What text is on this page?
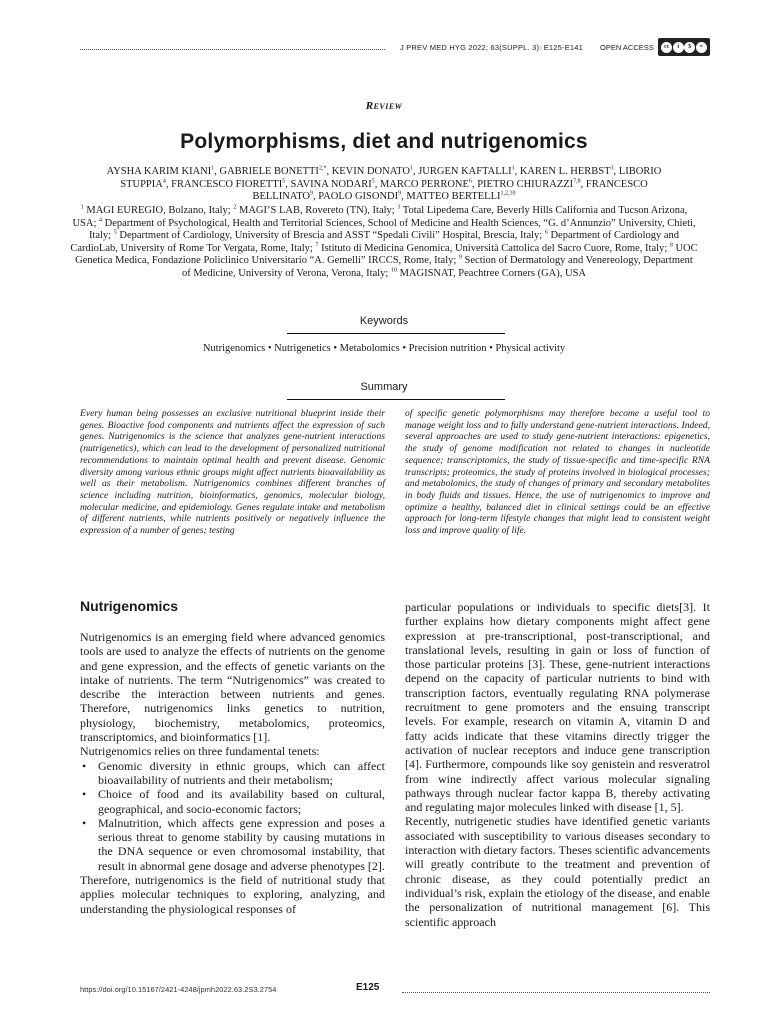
J PREV MED HYG 2022; 63(SUPPL. 3): E125-E141 OPEN ACCESS	cc	i	$	=
Review
Polymorphisms, diet and nutrigenomics
AYSHA KARIM KIANI$^1$, GABRIELE $BONETTI^{2,*}$, KEVIN DONATO$^1$, JURGEN KAFTALLI$^1$, KAREN L. HERBST$^3$, LIBORIO STUPPIA$^4$, FRANCESCO FIORETTI$^5$, SAVINA NODARI$^5$, MARCO PERRONE$^6$, PIETRO CHIURAZZI$^{7,8}$, FRANCESCO BELLINATO$^9$, PAOLO GISONDI$^9$, MATTEO BERTELLI$^{1,2,10}$
$^1$ MAGI EUREGIO, Bolzano, Italy; $^2$ MAGI’S LAB, Rovereto (TN), Italy; $^3$ Total Lipedema Care, Beverly Hills California and Tucson Arizona, USA; $^4$ Department of Psychological, Health and Territorial Sciences, School of Medicine and Health Sciences, “G. d’Annunzio” University, Chieti, Italy; $^5$ Department of Cardiology, University of Brescia and ASST “Spedali Civili” Hospital, Brescia, Italy; $^6$ Department of Cardiology and CardioLab, University of Rome Tor Vergata, Rome, Italy; $^7$ Istituto di Medicina Genomica, Università Cattolica del Sacro Cuore, Rome, Italy; $^8$ UOC Genetica Medica, Fondazione Policlinico Universitario “A. Gemelli” IRCCS, Rome, Italy; $^9$ Section of Dermatology and Venereology, Department of Medicine, University of Verona, Verona, Italy; $^{10}$ MAGISNAT, Peachtree Corners (GA), USA
Keywords
Nutrigenomics • Nutrigenetics • Metabolomics • Precision nutrition • Physical activity
Summary
Every human being possesses an exclusive nutritional blueprint inside their genes. Bioactive food components and nutrients affect the expression of such genes. Nutrigenomics is the science that analyzes gene-nutrient interactions (nutrigenetics), which can lead to the development of personalized nutritional recommendations to maintain optimal health and prevent disease. Genomic diversity among various ethnic groups might affect nutrients bioavailability as well as their metabolism. Nutrigenomics combines different branches of science including nutrition, bioinformatics, genomics, molecular biology, molecular medicine, and epidemiology. Genes regulate intake and metabolism of different nutrients, while nutrients positively or negatively influence the expression of a number of genes; testing
of specific genetic polymorphisms may therefore become a useful tool to manage weight loss and to fully understand gene-nutrient interactions. Indeed, several approaches are used to study gene-nutrient interactions: epigenetics, the study of genome modification not related to changes in nucleotide sequence; transcriptomics, the study of tissue-specific and time-specific RNA transcripts; proteomics, the study of proteins involved in biological processes; and metabolomics, the study of changes of primary and secondary metabolites in body fluids and tissues. Hence, the use of nutrigenomics to improve and optimize a healthy, balanced diet in clinical settings could be an effective approach for long-term lifestyle changes that might lead to consistent weight loss and improve quality of life.
Nutrigenomics

Nutrigenomics is an emerging field where advanced genomics tools are used to analyze the effects of nutrients on the genome and gene expression, and the effects of genetic variants on the intake of nutrients. The term “Nutrigenomics” was created to describe the interaction between nutrients and genes. Therefore, nutrigenomics links genetics to nutrition, physiology, biochemistry, metabolomics, proteomics, transcriptomics, and bioinformatics [1].

Nutrigenomics relies on three fundamental tenets:

• Genomic diversity in ethnic groups, which can affect bioavailability of nutrients and their metabolism;
• Choice of food and its availability based on cultural, geographical, and socio-economic factors;
• Malnutrition, which affects gene expression and poses a serious threat to genome stability by causing mutations in the DNA sequence or even chromosomal instability, that result in abnormal gene dosage and adverse phenotypes [2].

Therefore, nutrigenomics is the field of nutritional study that applies molecular techniques to exploring, analyzing, and understanding the physiological responses of

particular populations or individuals to specific diets[3]. It further explains how dietary components might affect gene expression at pre-transcriptional, post-transcriptional, and translational levels, resulting in gain or loss of function of those particular proteins [3]. These, gene-nutrient interactions depend on the capacity of particular nutrients to bind with transcription factors, eventually regulating RNA polymerase recruitment to gene promoters and the ensuing transcript levels. For example, research on vitamin A, vitamin D and fatty acids indicate that these vitamins directly trigger the activation of nuclear receptors and induce gene transcription [4]. Furthermore, compounds like soy genistein and resveratrol from wine indirectly affect various molecular signaling pathways through nuclear factor kappa B, thereby activating and regulating major molecules linked with disease [1, 5].

Recently, nutrigenetic studies have identified genetic variants associated with susceptibility to various diseases secondary to interaction with dietary factors. Theses scientific advancements will greatly contribute to the treatment and prevention of chronic disease, as they could potentially predict an individual’s risk, explain the etiology of the disease, and enable the personalization of nutritional management [6]. This scientific approach

https://doi.org/10.15167/2421-4248/jpmh2022.63.2S3.2754	E125
